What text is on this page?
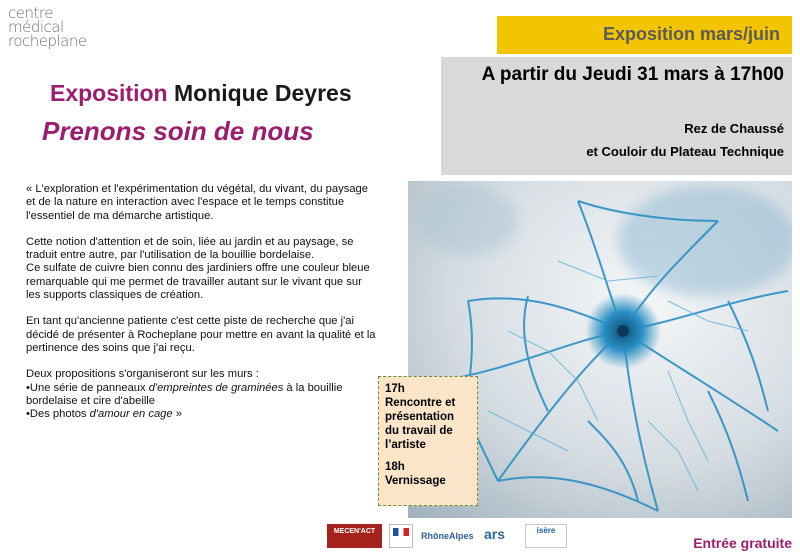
centre
médical
rocheplane
Exposition Monique Deyres
Prenons soin de nous
Exposition mars/juin
A partir du Jeudi 31 mars à 17h00
Rez de Chaussé
et Couloir du Plateau Technique

« L'exploration et l'expérimentation du végétal, du vivant, du paysage et de la nature en interaction avec l'espace et le temps constitue l'essentiel de ma démarche artistique.

Cette notion d'attention et de soin, liée au jardin et au paysage, se traduit entre autre, par l'utilisation de la bouillie bordelaise.

Ce sulfate de cuivre bien connu des jardiniers offre une couleur bleue remarquable qui me permet de travailler autant sur le vivant que sur les supports classiques de création.

En tant qu'ancienne patiente c'est cette piste de recherche que j'ai décidé de présenter à Rocheplane pour mettre en avant la qualité et la pertinence des soins que j'ai reçu.

Deux propositions s'organiseront sur les murs :

• Une série de panneaux d'empreintes de graminées à la bouillie bordelaise et cire d'abeille
• Des photos d'amour en cage »
17h
Rencontre et présentation du travail de l’artiste
18h
Vernissage
MECEN'ACT	RhôneAlpes ars	isère
Entrée gratuite
